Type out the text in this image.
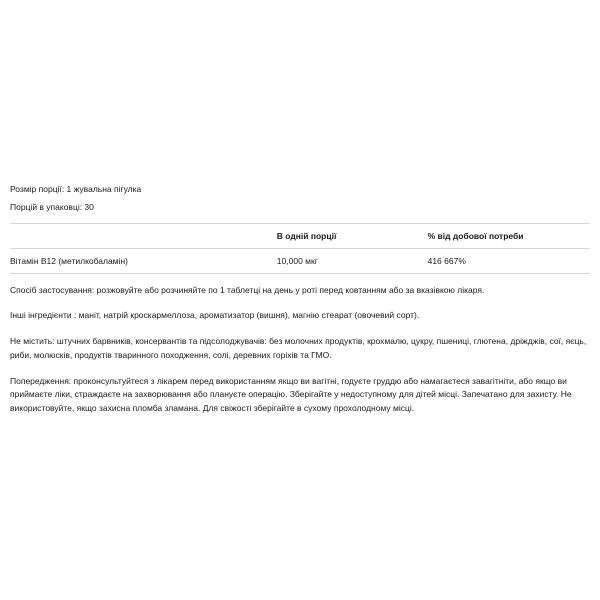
Розмір порції: 1 жувальна пігулка
Порцій в упаковці: 30
	В одній порції	% від добової потреби
Вітамін B12 (метилкобаламін)	10,000 мкг	416 667%

Спосіб застосування: розжовуйте або розчиняйте по 1 таблетці на день у роті перед ковтанням або за вказівкою лікаря.

Інші інгредієнти : маніт, натрій кроскармеллоза, ароматизатор (вишня), магнію стеарат (овочевий сорт).

Не містить: штучних барвників, консервантів та підсолоджувачів: без молочних продуктів, крохмалю, цукру, пшениці, глютена, дріжджів, сої, яєць, риби, молюсків, продуктів тваринного походження, солі, деревних горіхів та ГМО.

Попередження: проконсультуйтеся з лікарем перед використанням якщо ви вагітні, годуєте груддю або намагаєтеся завагітніти, або якщо ви приймаєте ліки, страждаєте на захворювання або плануєте операцію. Зберігайте у недоступному для дітей місці. Запечатано для захисту. Не використовуйте, якщо захисна пломба зламана. Для свіжості зберігайте в сухому прохолодному місці.
